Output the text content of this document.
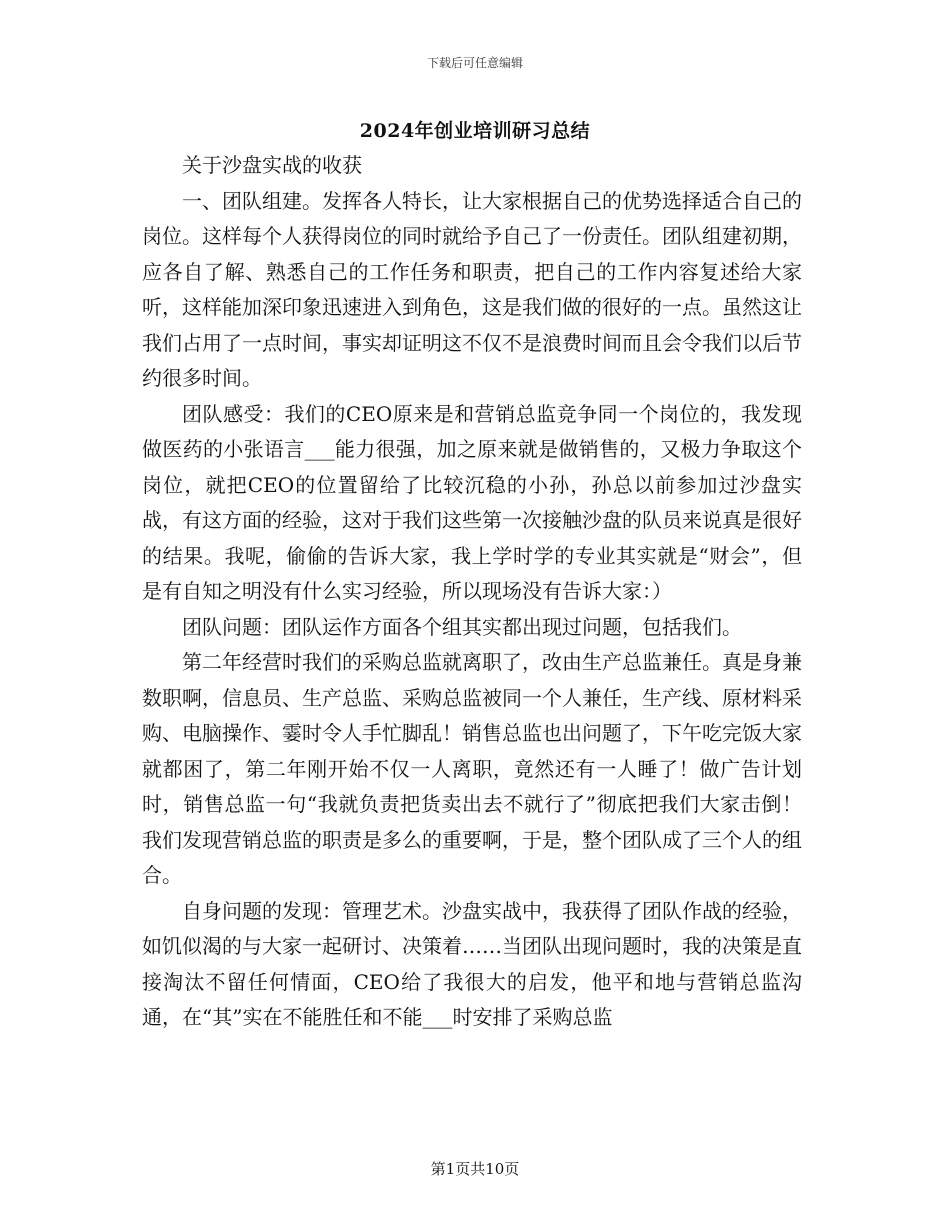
下载后可任意编辑
2024年创业培训研习总结

关于沙盘实战的收获

一、团队组建。发挥各人特长，让大家根据自己的优势选择适合自己的岗位。这样每个人获得岗位的同时就给予自己了一份责任。团队组建初期，应各自了解、熟悉自己的工作任务和职责，把自己的工作内容复述给大家听，这样能加深印象迅速进入到角色，这是我们做的很好的一点。虽然这让我们占用了一点时间，事实却证明这不仅不是浪费时间而且会令我们以后节约很多时间。

团队感受：我们的CEO原来是和营销总监竞争同一个岗位的，我发现做医药的小张语言___能力很强，加之原来就是做销售的，又极力争取这个岗位，就把CEO的位置留给了比较沉稳的小孙，孙总以前参加过沙盘实战，有这方面的经验，这对于我们这些第一次接触沙盘的队员来说真是很好的结果。我呢，偷偷的告诉大家，我上学时学的专业其实就是“财会”，但是有自知之明没有什么实习经验，所以现场没有告诉大家：）

团队问题：团队运作方面各个组其实都出现过问题，包括我们。

第二年经营时我们的采购总监就离职了，改由生产总监兼任。真是身兼数职啊，信息员、生产总监、采购总监被同一个人兼任，生产线、原材料采购、电脑操作、霎时令人手忙脚乱！销售总监也出问题了，下午吃完饭大家就都困了，第二年刚开始不仅一人离职，竟然还有一人睡了！做广告计划时，销售总监一句“我就负责把货卖出去不就行了”彻底把我们大家击倒！我们发现营销总监的职责是多么的重要啊，于是，整个团队成了三个人的组合。

自身问题的发现：管理艺术。沙盘实战中，我获得了团队作战的经验，如饥似渴的与大家一起研讨、决策着……当团队出现问题时，我的决策是直接淘汰不留任何情面，CEO给了我很大的启发，他平和地与营销总监沟通，在“其”实在不能胜任和不能___时安排了采购总监

第1页共10页
